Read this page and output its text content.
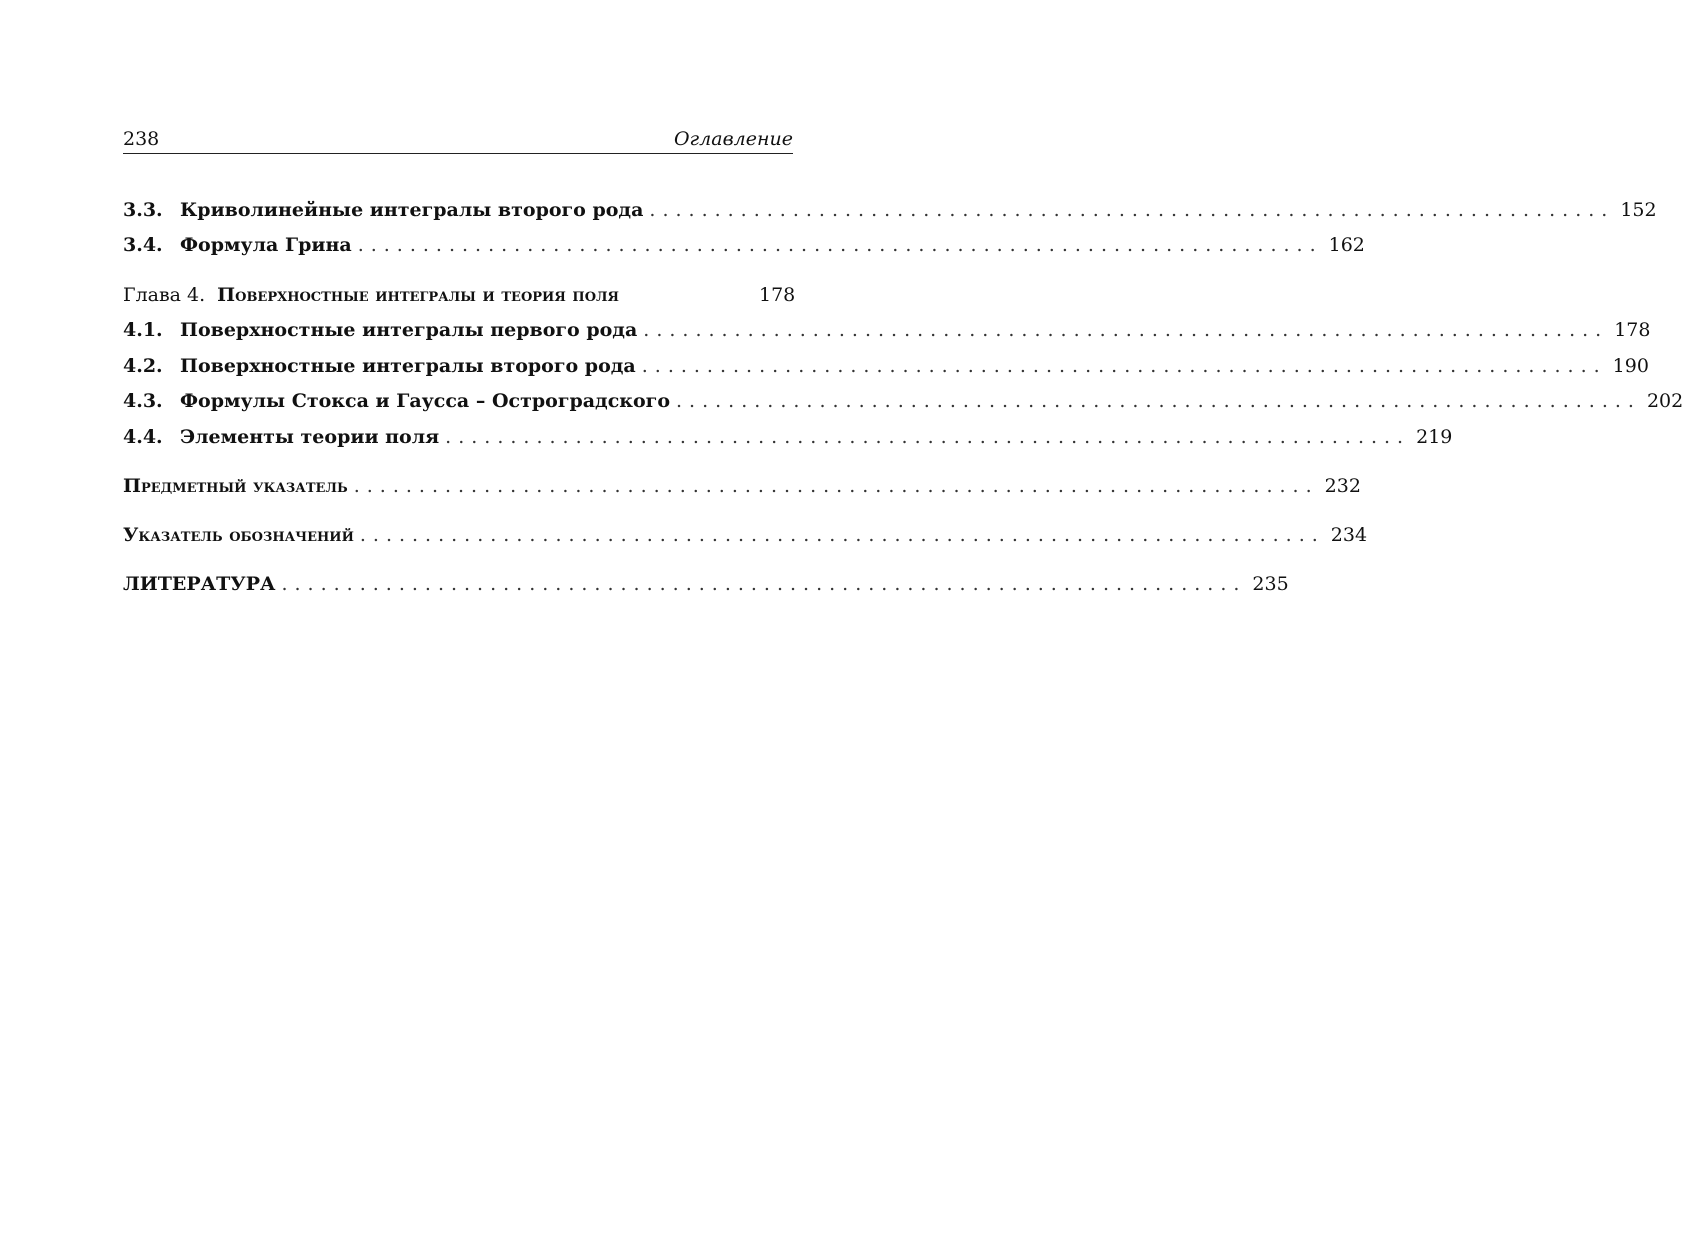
238	Оглавление
3.3. Криволинейные интегралы второго рода .......................................................................... 152
3.4. Формула Грина .......................................................................... 162
Глава 4. Поверхностные интегралы и теория поля	178
4.1. Поверхностные интегралы первого рода .......................................................................... 178
4.2. Поверхностные интегралы второго рода .......................................................................... 190
4.3. Формулы Стокса и Гаусса – Остроградского .......................................................................... 202
4.4. Элементы теории поля .......................................................................... 219
Предметный указатель .......................................................................... 232
Указатель обозначений .......................................................................... 234
ЛИТЕРАТУРА .......................................................................... 235
